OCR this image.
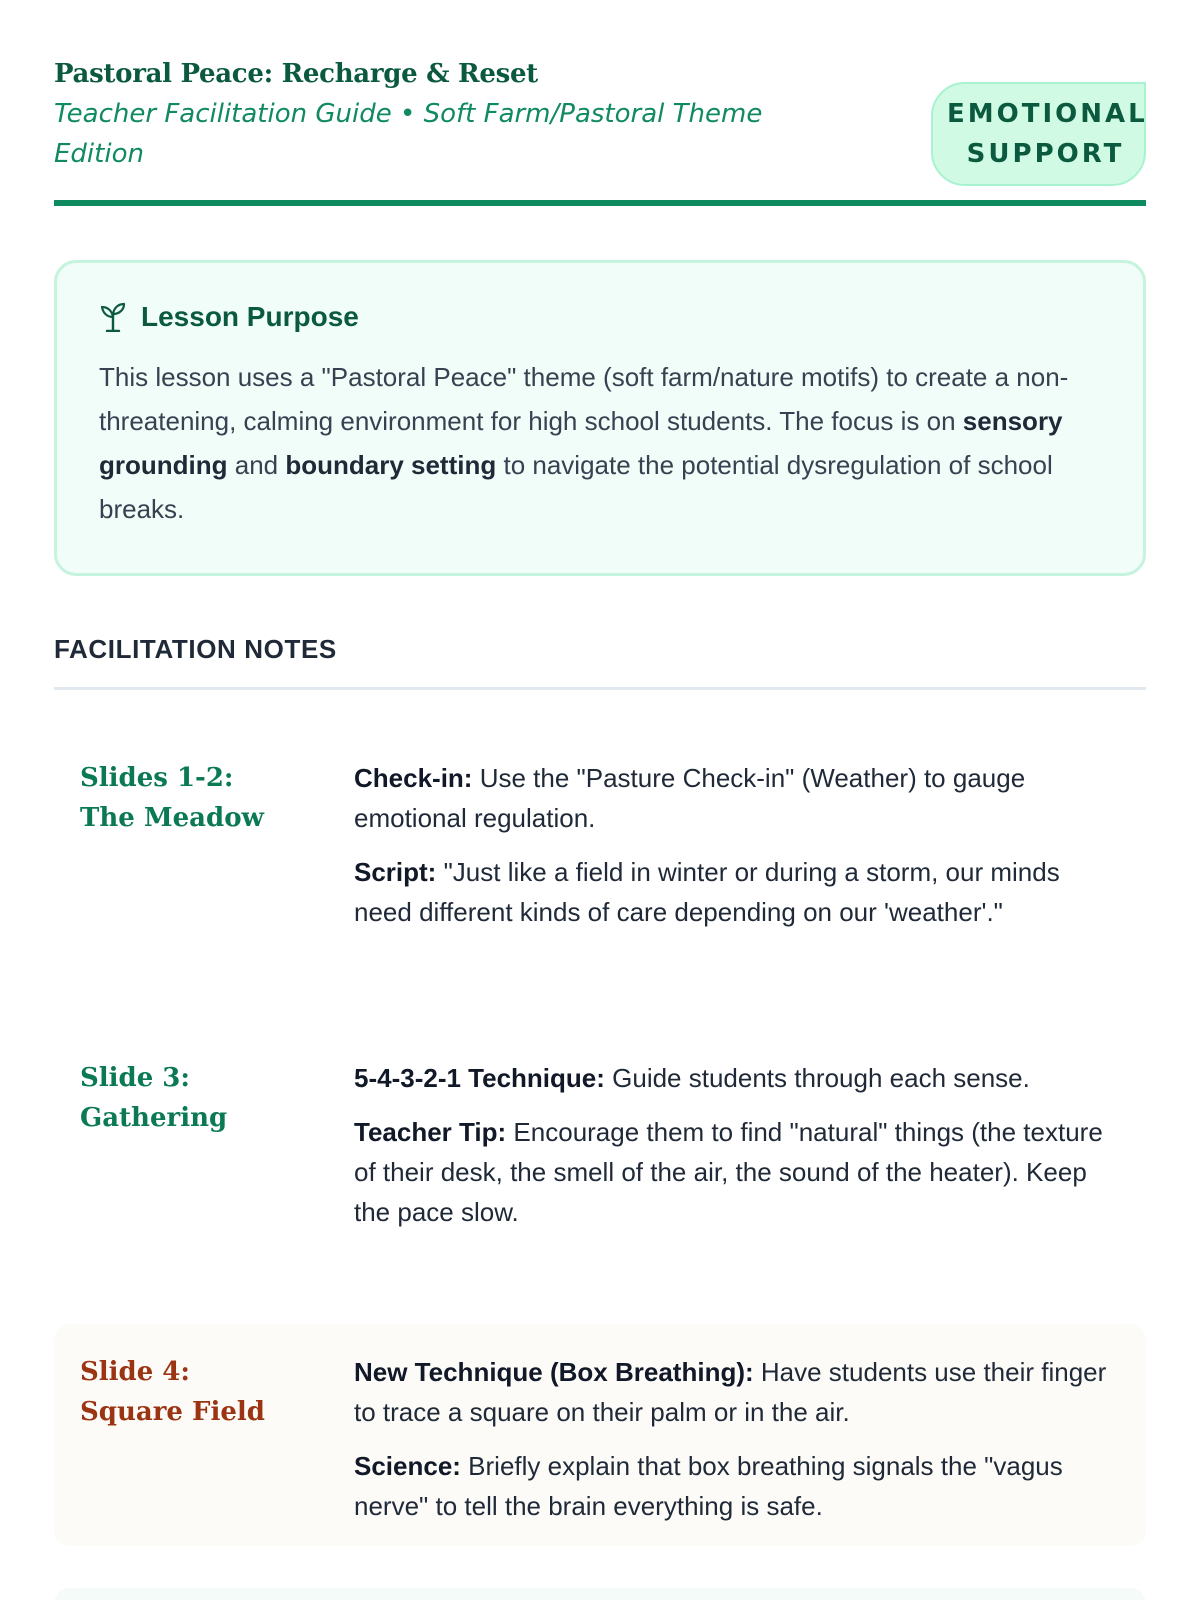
Pastoral Peace: Recharge & Reset
Teacher Facilitation Guide • Soft Farm/Pastoral Theme Edition
EMOTIONAL
SUPPORT
Lesson Purpose
This lesson uses a "Pastoral Peace" theme (soft farm/nature motifs) to create a non-threatening, calming environment for high school students. The focus is on sensory grounding and boundary setting to navigate the potential dysregulation of school breaks.
FACILITATION NOTES
Slides 1-2:
The Meadow

Check-in: Use the "Pasture Check-in" (Weather) to gauge emotional regulation.

Script: "Just like a field in winter or during a storm, our minds need different kinds of care depending on our 'weather'."

Slide 3:
Gathering

5-4-3-2-1 Technique: Guide students through each sense.

Teacher Tip: Encourage them to find "natural" things (the texture of their desk, the smell of the air, the sound of the heater). Keep the pace slow.

Slide 4:
Square Field

New Technique (Box Breathing): Have students use their finger to trace a square on their palm or in the air.

Science: Briefly explain that box breathing signals the "vagus nerve" to tell the brain everything is safe.
